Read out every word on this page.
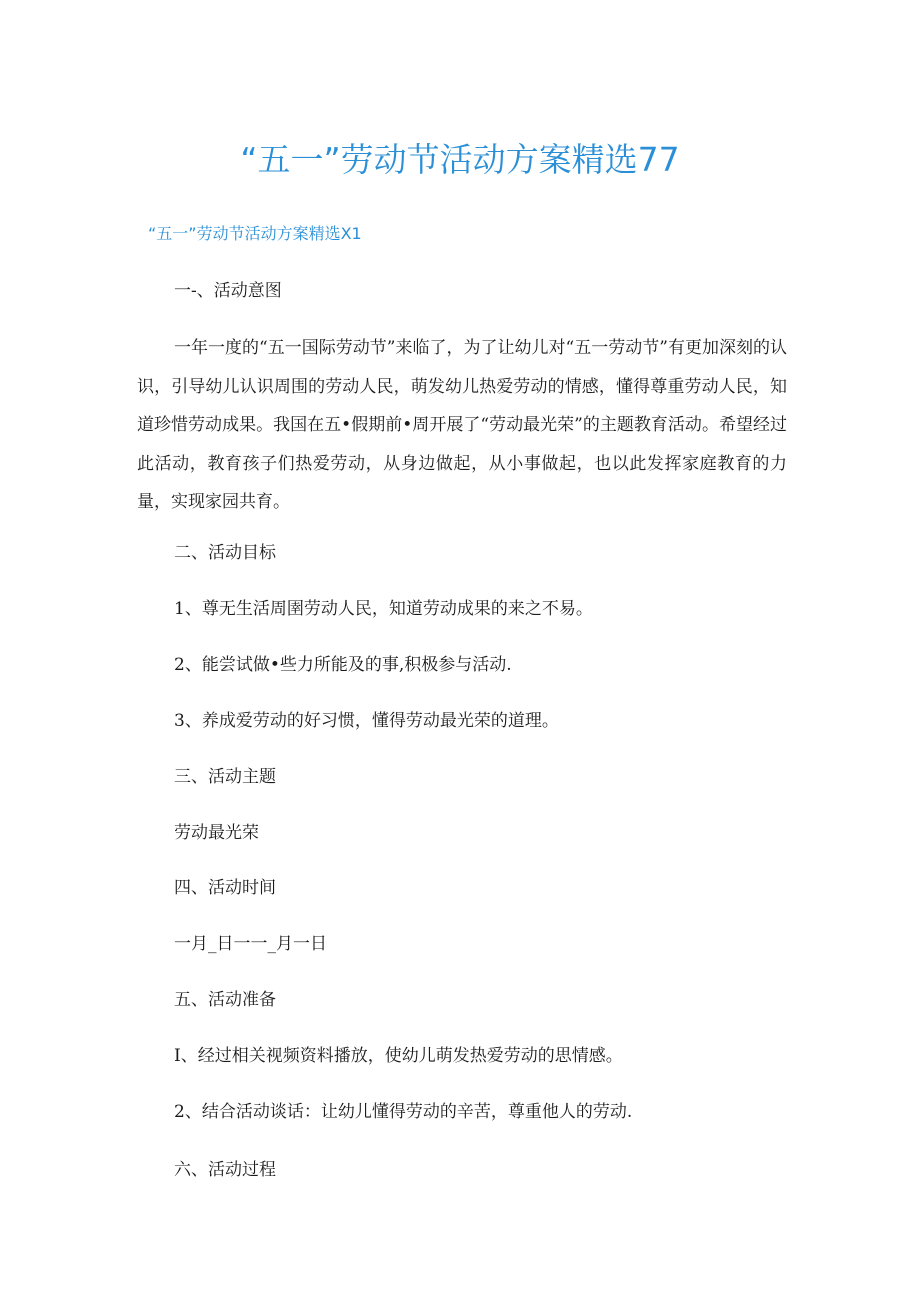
“五一”劳动节活动方案精选77
“五一”劳动节活动方案精选X1
一-、活动意图

一年一度的“五一国际劳动节”来临了，为了让幼儿对“五一劳动节”有更加深刻的认识，引导幼儿认识周围的劳动人民，萌发幼儿热爱劳动的情感，懂得尊重劳动人民，知道珍惜劳动成果。我国在五•假期前•周开展了“劳动最光荣”的主题教育活动。希望经过此活动，教育孩子们热爱劳动，从身边做起，从小事做起，也以此发挥家庭教育的力量，实现家园共育。

二、活动目标
1、尊无生活周圉劳动人民，知道劳动成果的来之不易。
2、能尝试做•些力所能及的事,积极参与活动.
3、养成爱劳动的好习惯，懂得劳动最光荣的道理。
三、活动主题
劳动最光荣
四、活动时间
一月_日一一_月一日
五、活动准备
I、经过相关视频资料播放，使幼儿萌发热爱劳动的思情感。
2、结合活动谈话：让幼儿懂得劳动的辛苦，尊重他人的劳动.
六、活动过程
